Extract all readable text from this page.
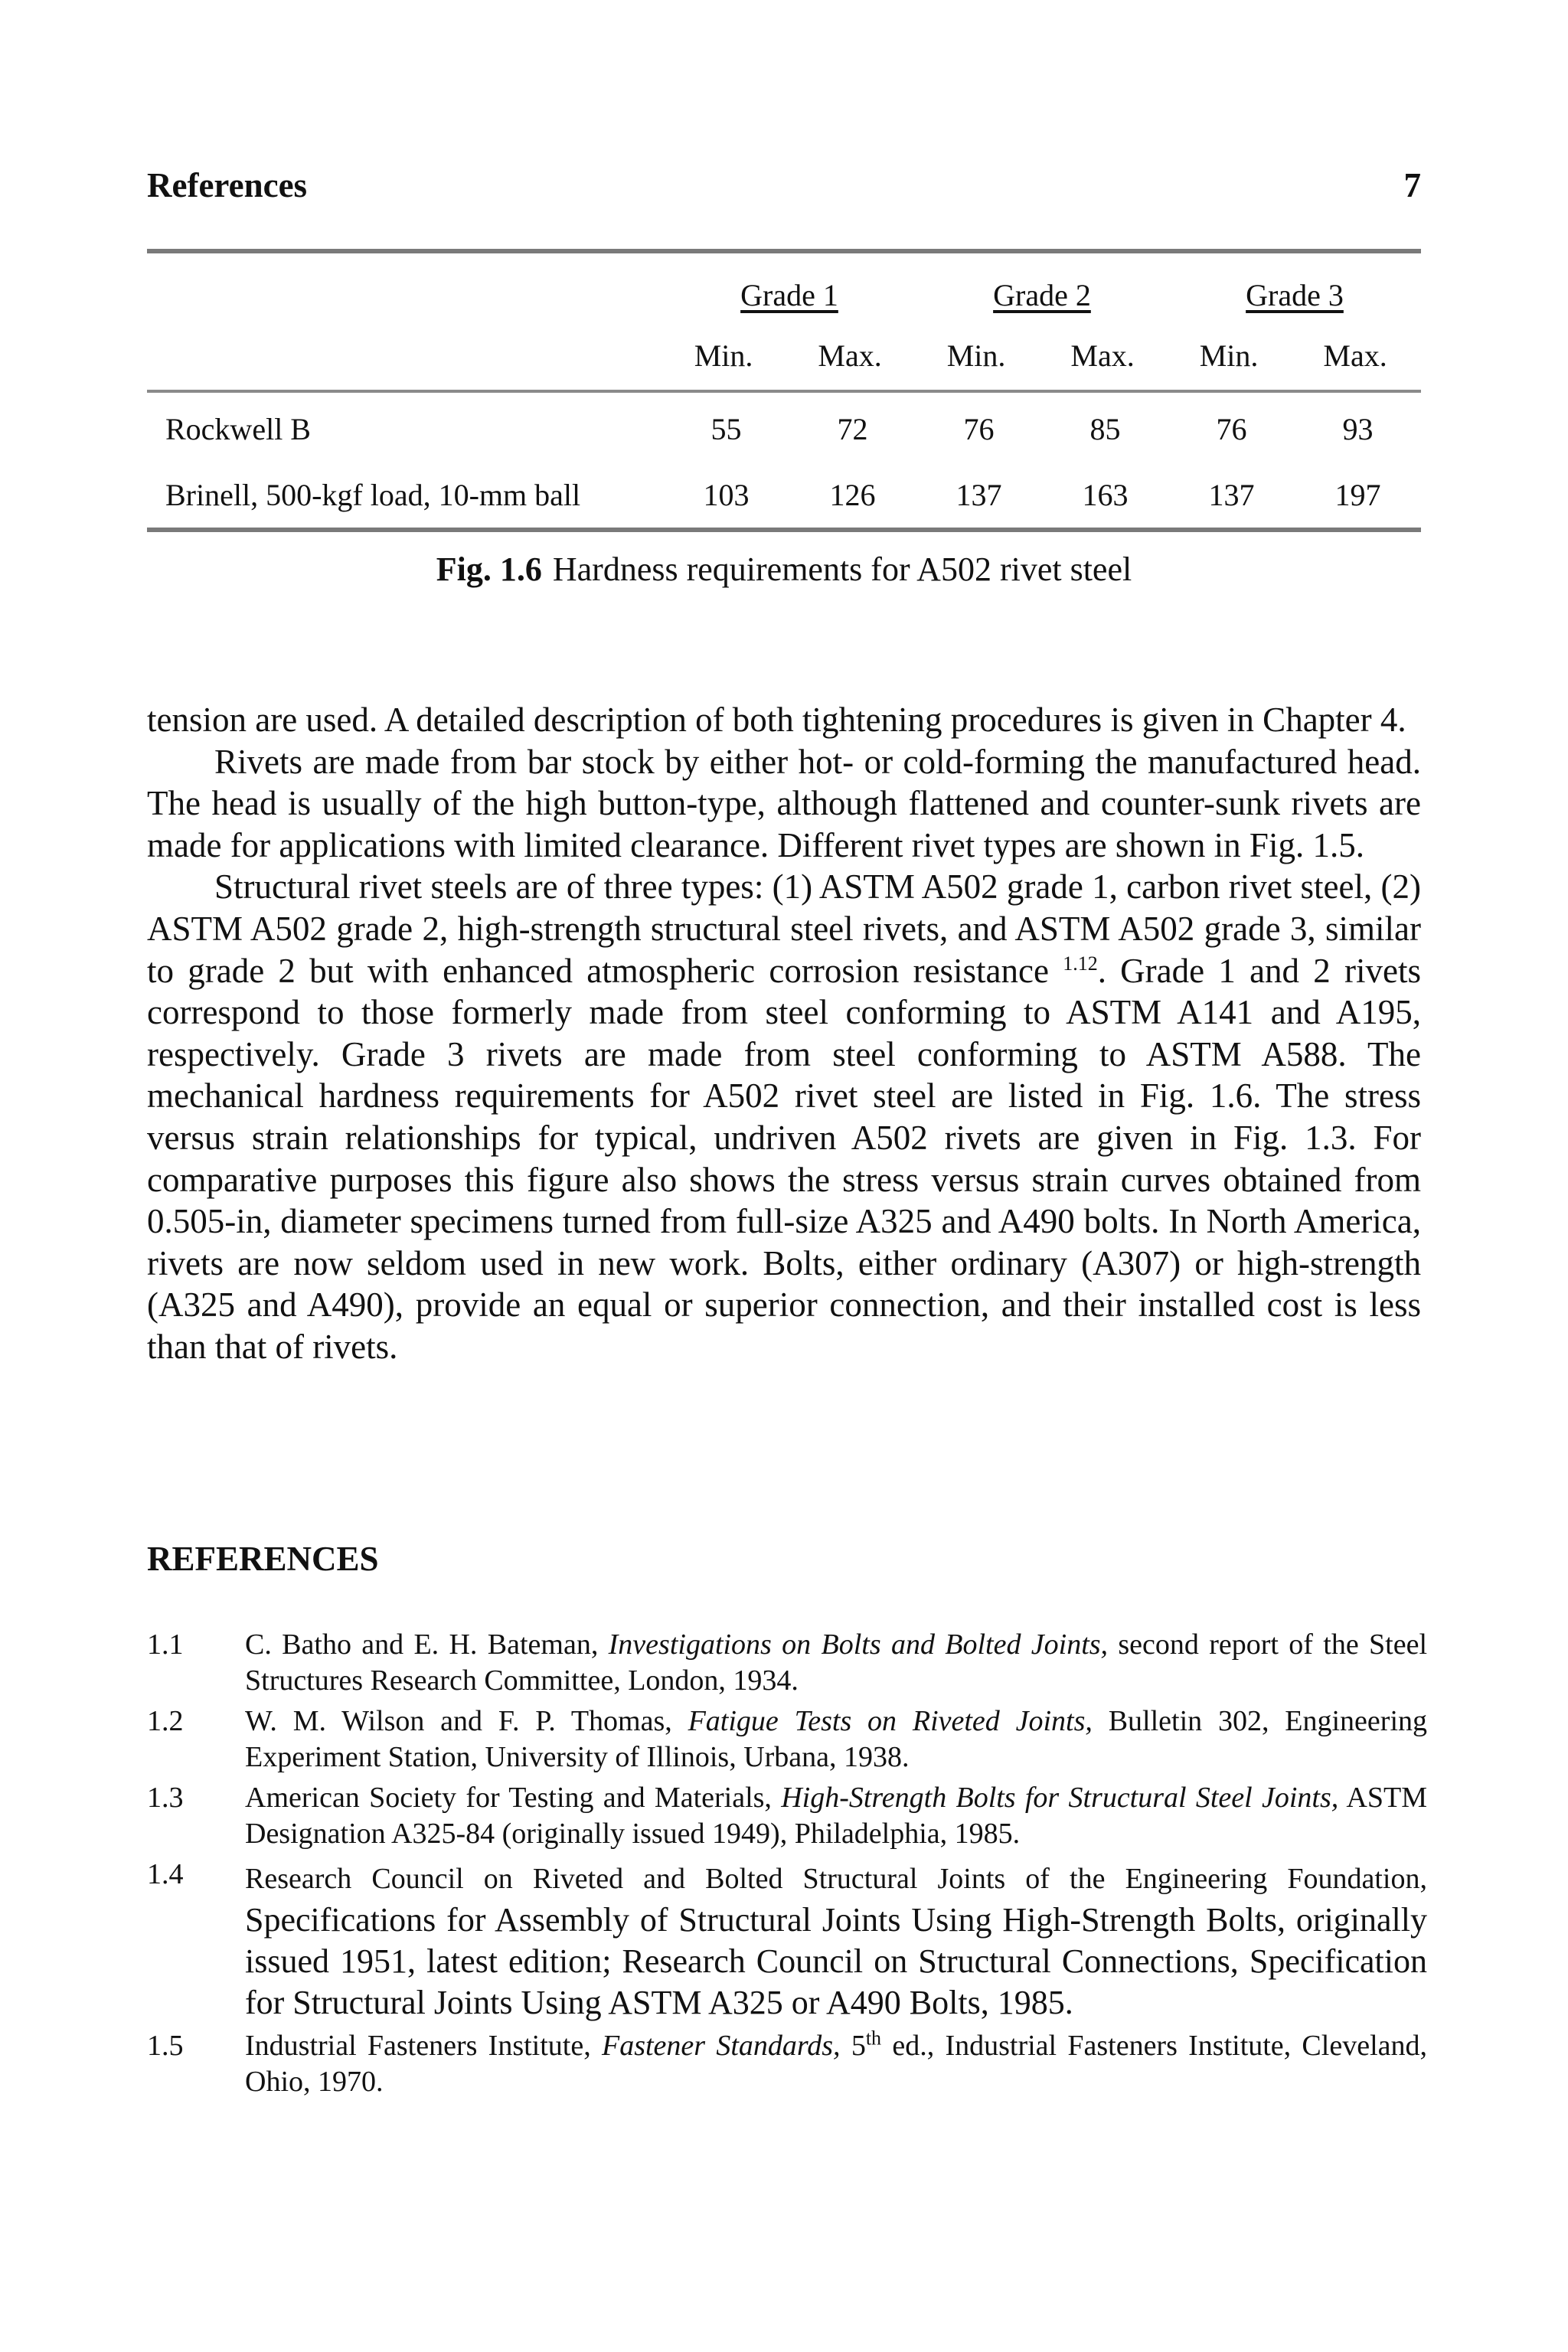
References	7
	Grade 1		Grade 2		Grade 3	
	Min.	Max.	Min.	Max.	Min.	Max.
Rockwell B	55	72	76	85	76	93
Brinell, 500-kgf load, 10-mm ball	103	126	137	163	137	197
Fig. 1.6 Hardness requirements for A502 rivet steel

tension are used. A detailed description of both tightening procedures is given in Chapter 4.

Rivets are made from bar stock by either hot- or cold-forming the manufactured head. The head is usually of the high button-type, although flattened and counter-sunk rivets are made for applications with limited clearance. Different rivet types are shown in Fig. 1.5.

Structural rivet steels are of three types: (1) ASTM A502 grade 1, carbon rivet steel, (2) ASTM A502 grade 2, high-strength structural steel rivets, and ASTM A502 grade 3, similar to grade 2 but with enhanced atmospheric corrosion resistance $^{1.12}$. Grade 1 and 2 rivets correspond to those formerly made from steel conforming to ASTM A141 and A195, respectively. Grade 3 rivets are made from steel conforming to ASTM A588. The mechanical hardness requirements for A502 rivet steel are listed in Fig. 1.6. The stress versus strain relationships for typical, undriven A502 rivets are given in Fig. 1.3. For comparative purposes this figure also shows the stress versus strain curves obtained from 0.505-in, diameter specimens turned from full-size A325 and A490 bolts. In North America, rivets are now seldom used in new work. Bolts, either ordinary (A307) or high-strength (A325 and A490), provide an equal or superior connection, and their installed cost is less than that of rivets.

REFERENCES
1.1	C. Batho and E. H. Bateman, Investigations on Bolts and Bolted Joints, second report of the Steel Structures Research Committee, London, 1934.
1.2	W. M. Wilson and F. P. Thomas, Fatigue Tests on Riveted Joints, Bulletin 302, Engineering Experiment Station, University of Illinois, Urbana, 1938.
1.3	American Society for Testing and Materials, High-Strength Bolts for Structural Steel Joints, ASTM Designation A325-84 (originally issued 1949), Philadelphia, 1985.
1.4	Research Council on Riveted and Bolted Structural Joints of the Engineering Foundation, Specifications for Assembly of Structural Joints Using High-Strength Bolts, originally issued 1951, latest edition; Research Council on Structural Connections, Specification for Structural Joints Using ASTM A325 or A490 Bolts, 1985.
1.5	Industrial Fasteners Institute, Fastener Standards, 5th ed., Industrial Fasteners Institute, Cleveland, Ohio, 1970.
